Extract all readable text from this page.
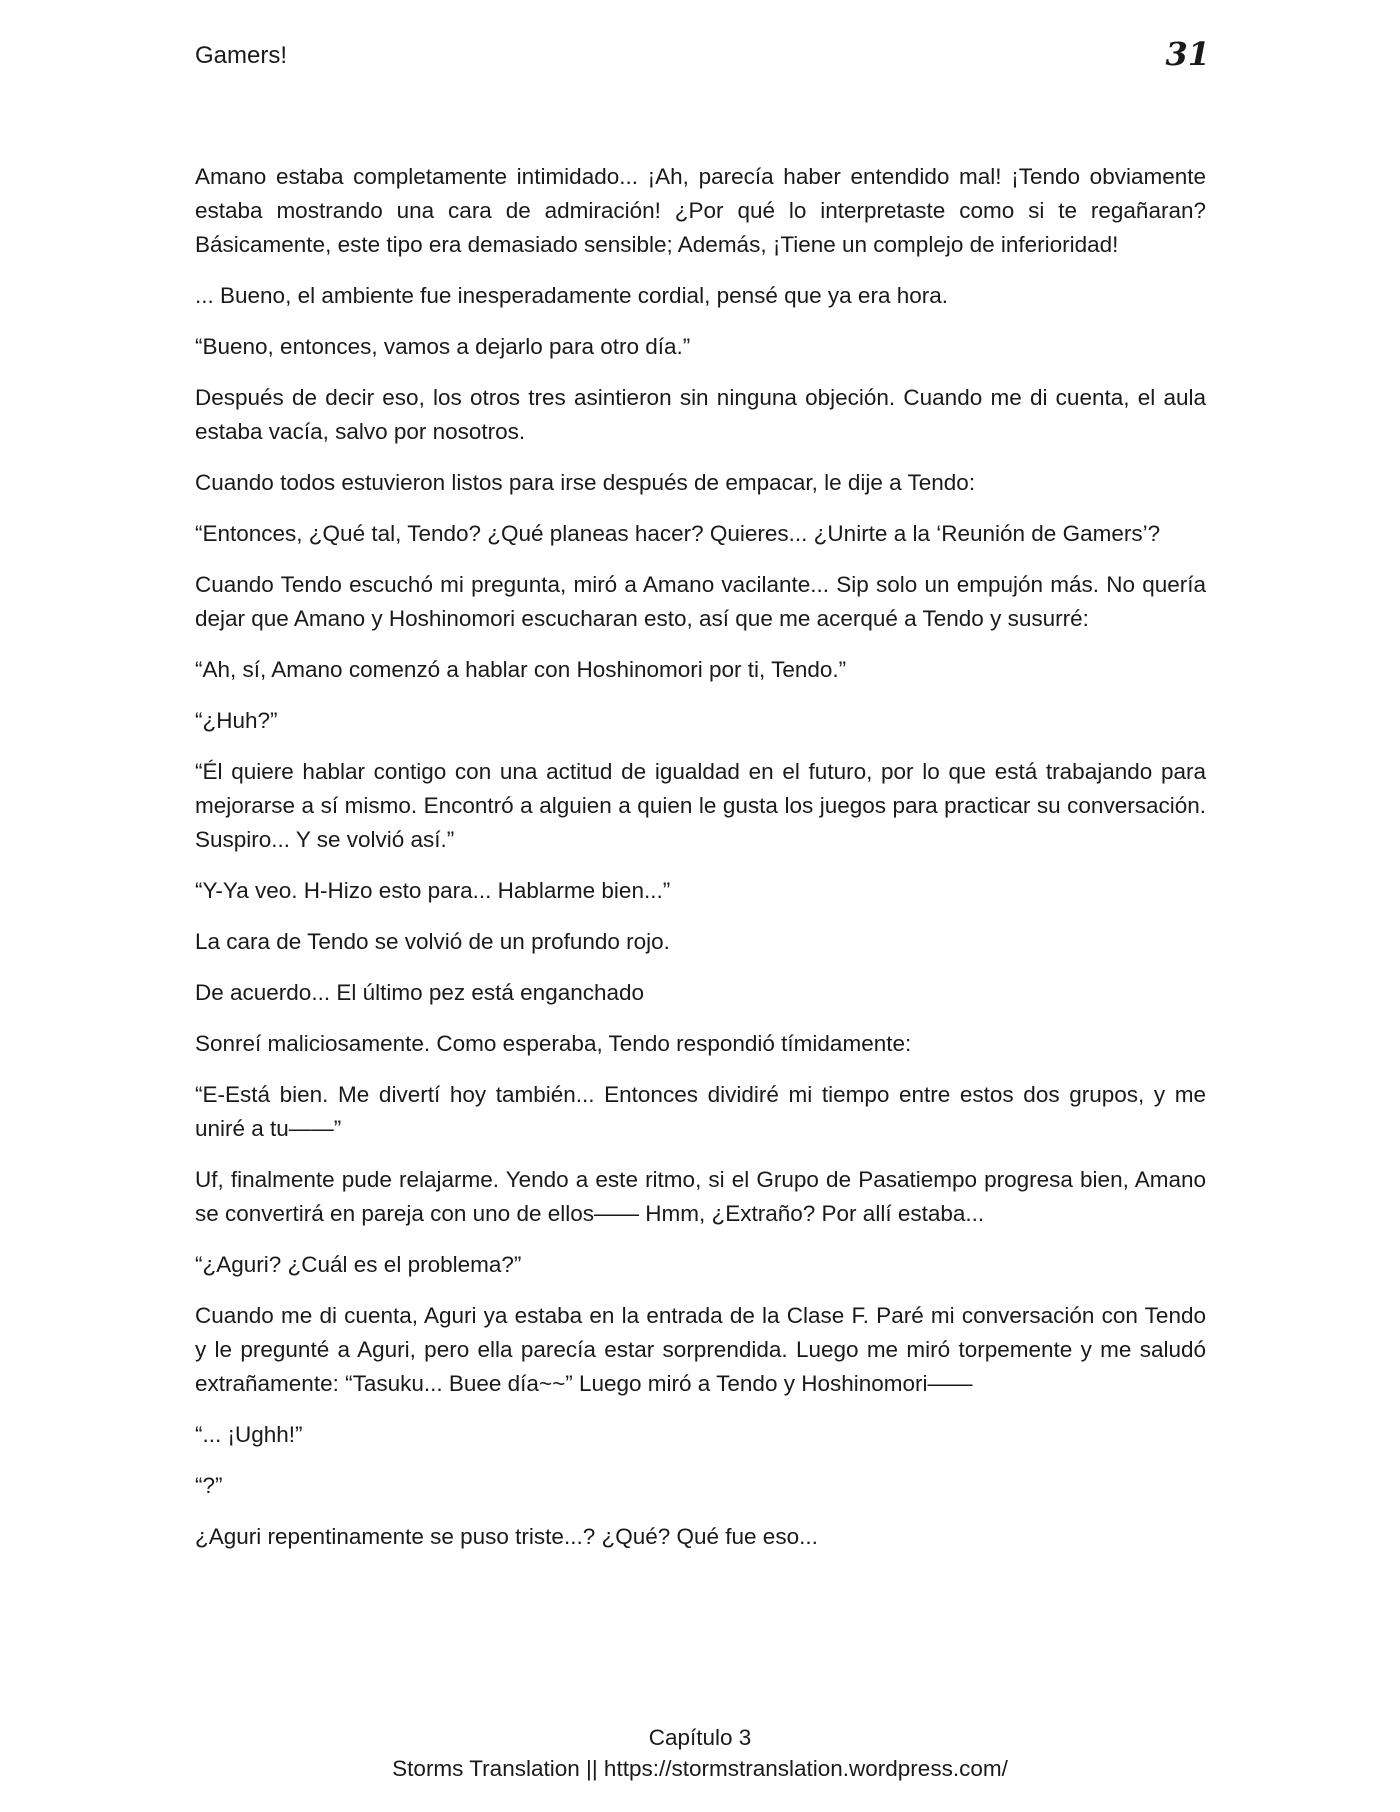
Gamers!	31

Amano estaba completamente intimidado... ¡Ah, parecía haber entendido mal! ¡Tendo obviamente estaba mostrando una cara de admiración! ¿Por qué lo interpretaste como si te regañaran? Básicamente, este tipo era demasiado sensible; Además, ¡Tiene un complejo de inferioridad!

... Bueno, el ambiente fue inesperadamente cordial, pensé que ya era hora.

“Bueno, entonces, vamos a dejarlo para otro día.”

Después de decir eso, los otros tres asintieron sin ninguna objeción. Cuando me di cuenta, el aula estaba vacía, salvo por nosotros.

Cuando todos estuvieron listos para irse después de empacar, le dije a Tendo:

“Entonces, ¿Qué tal, Tendo? ¿Qué planeas hacer? Quieres... ¿Unirte a la ‘Reunión de Gamers’?

Cuando Tendo escuchó mi pregunta, miró a Amano vacilante... Sip solo un empujón más. No quería dejar que Amano y Hoshinomori escucharan esto, así que me acerqué a Tendo y susurré:

“Ah, sí, Amano comenzó a hablar con Hoshinomori por ti, Tendo.”

“¿Huh?”

“Él quiere hablar contigo con una actitud de igualdad en el futuro, por lo que está trabajando para mejorarse a sí mismo. Encontró a alguien a quien le gusta los juegos para practicar su conversación. Suspiro... Y se volvió así.”

“Y-Ya veo. H-Hizo esto para... Hablarme bien...”

La cara de Tendo se volvió de un profundo rojo.

De acuerdo... El último pez está enganchado

Sonreí maliciosamente. Como esperaba, Tendo respondió tímidamente:

“E-Está bien. Me divertí hoy también... Entonces dividiré mi tiempo entre estos dos grupos, y me uniré a tu——”

Uf, finalmente pude relajarme. Yendo a este ritmo, si el Grupo de Pasatiempo progresa bien, Amano se convertirá en pareja con uno de ellos—— Hmm, ¿Extraño? Por allí estaba...

“¿Aguri? ¿Cuál es el problema?”

Cuando me di cuenta, Aguri ya estaba en la entrada de la Clase F. Paré mi conversación con Tendo y le pregunté a Aguri, pero ella parecía estar sorprendida. Luego me miró torpemente y me saludó extrañamente: “Tasuku... Buee día~~” Luego miró a Tendo y Hoshinomori——

“... ¡Ughh!”

“?”

¿Aguri repentinamente se puso triste...? ¿Qué? Qué fue eso...

Capítulo 3
Storms Translation || https://stormstranslation.wordpress.com/
